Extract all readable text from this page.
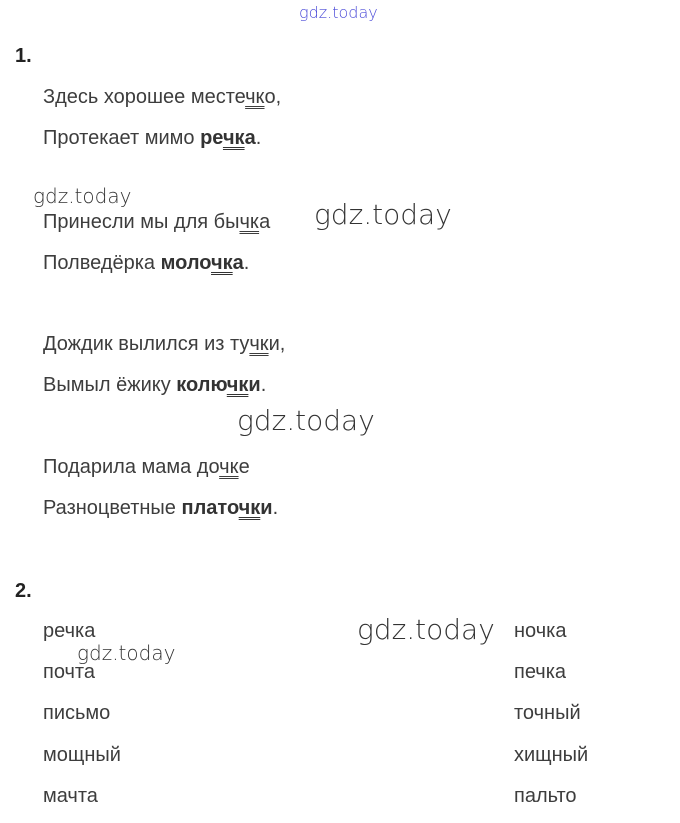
gdz.today
1.
Здесь хорошее местечко,
Протекает мимо речка.
gdz.today
Принесли мы для бычка gdz.today
Полведёрка молочка.
Дождик вылился из тучки,
Вымыл ёжику колючки.
gdz.today
Подарила мама дочке
Разноцветные платочки.
2.
gdz.today
gdz.today
речка
почта
письмо
мощный
мачта
ночка
печка
точный
хищный
пальто
